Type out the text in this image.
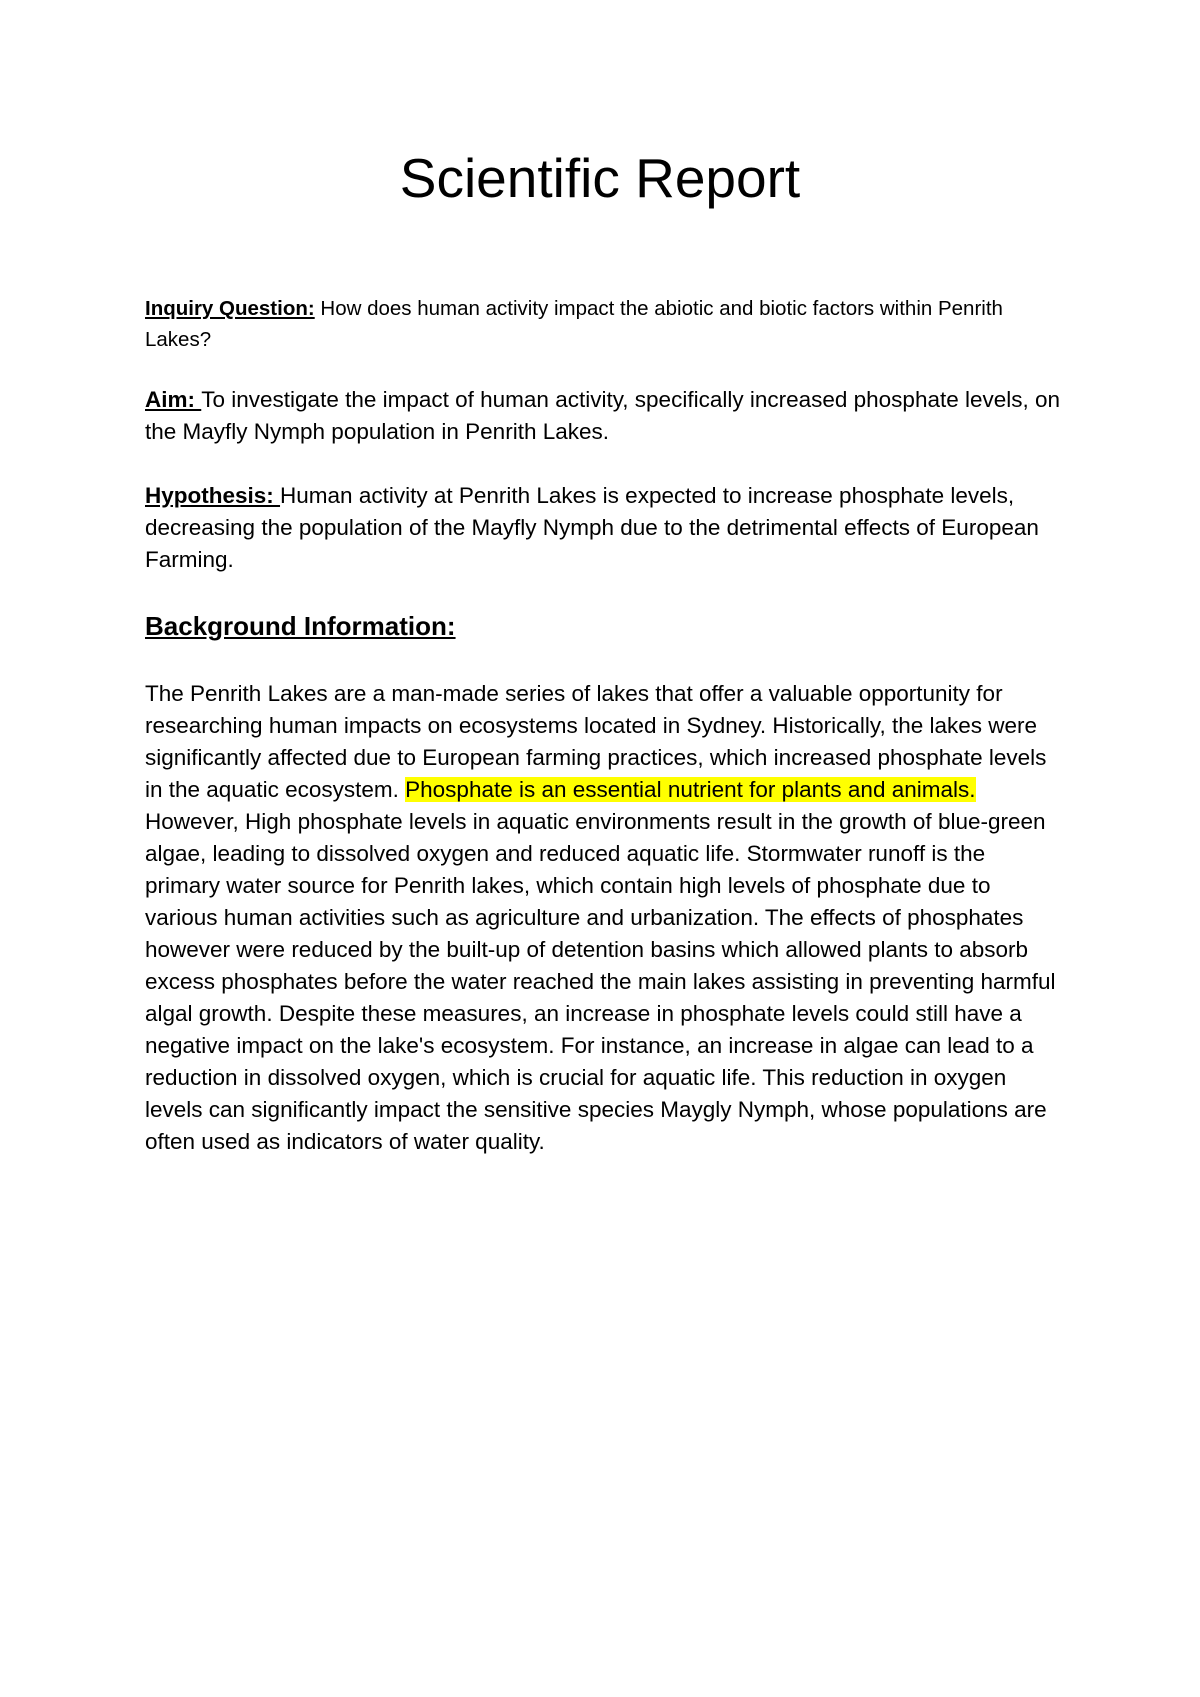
Scientific Report

Inquiry Question: How does human activity impact the abiotic and biotic factors within Penrith Lakes?

Aim: To investigate the impact of human activity, specifically increased phosphate levels, on the Mayfly Nymph population in Penrith Lakes.

Hypothesis: Human activity at Penrith Lakes is expected to increase phosphate levels, decreasing the population of the Mayfly Nymph due to the detrimental effects of European Farming.

Background Information:

The Penrith Lakes are a man-made series of lakes that offer a valuable opportunity for researching human impacts on ecosystems located in Sydney. Historically, the lakes were significantly affected due to European farming practices, which increased phosphate levels in the aquatic ecosystem. Phosphate is an essential nutrient for plants and animals. However, High phosphate levels in aquatic environments result in the growth of blue-green algae, leading to dissolved oxygen and reduced aquatic life. Stormwater runoff is the primary water source for Penrith lakes, which contain high levels of phosphate due to various human activities such as agriculture and urbanization. The effects of phosphates however were reduced by the built-up of detention basins which allowed plants to absorb excess phosphates before the water reached the main lakes assisting in preventing harmful algal growth. Despite these measures, an increase in phosphate levels could still have a negative impact on the lake's ecosystem. For instance, an increase in algae can lead to a reduction in dissolved oxygen, which is crucial for aquatic life. This reduction in oxygen levels can significantly impact the sensitive species Maygly Nymph, whose populations are often used as indicators of water quality.
